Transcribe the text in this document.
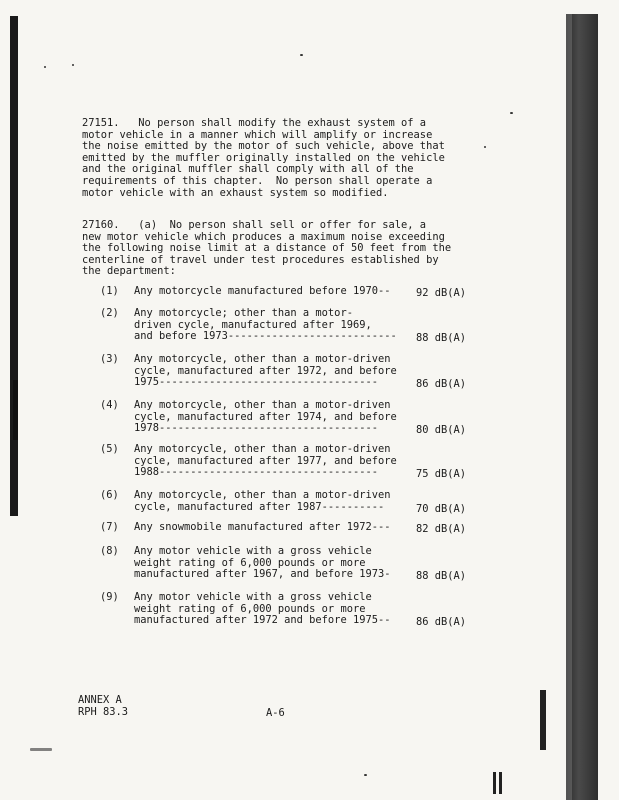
27151.   No person shall modify the exhaust system of a
motor vehicle in a manner which will amplify or increase
the noise emitted by the motor of such vehicle, above that
emitted by the muffler originally installed on the vehicle
and the original muffler shall comply with all of the
requirements of this chapter.  No person shall operate a
motor vehicle with an exhaust system so modified.
27160.   (a)  No person shall sell or offer for sale, a
new motor vehicle which produces a maximum noise exceeding
the following noise limit at a distance of 50 feet from the
centerline of travel under test procedures established by
the department:
(1)	Any motorcycle manufactured before 1970--	92 dB(A)
(2)	Any motorcycle; other than a motor-
driven cycle, manufactured after 1969,
and before 1973---------------------------	88 dB(A)
(3)	Any motorcycle, other than a motor-driven
cycle, manufactured after 1972, and before
1975-----------------------------------	86 dB(A)
(4)	Any motorcycle, other than a motor-driven
cycle, manufactured after 1974, and before
1978-----------------------------------	80 dB(A)
(5)	Any motorcycle, other than a motor-driven
cycle, manufactured after 1977, and before
1988-----------------------------------	75 dB(A)
(6)	Any motorcycle, other than a motor-driven
cycle, manufactured after 1987----------	70 dB(A)
(7)	Any snowmobile manufactured after 1972---	82 dB(A)
(8)	Any motor vehicle with a gross vehicle
weight rating of 6,000 pounds or more
manufactured after 1967, and before 1973-	88 dB(A)
(9)	Any motor vehicle with a gross vehicle
weight rating of 6,000 pounds or more
manufactured after 1972 and before 1975--	86 dB(A)
ANNEX A
RPH 83.3	A-6
